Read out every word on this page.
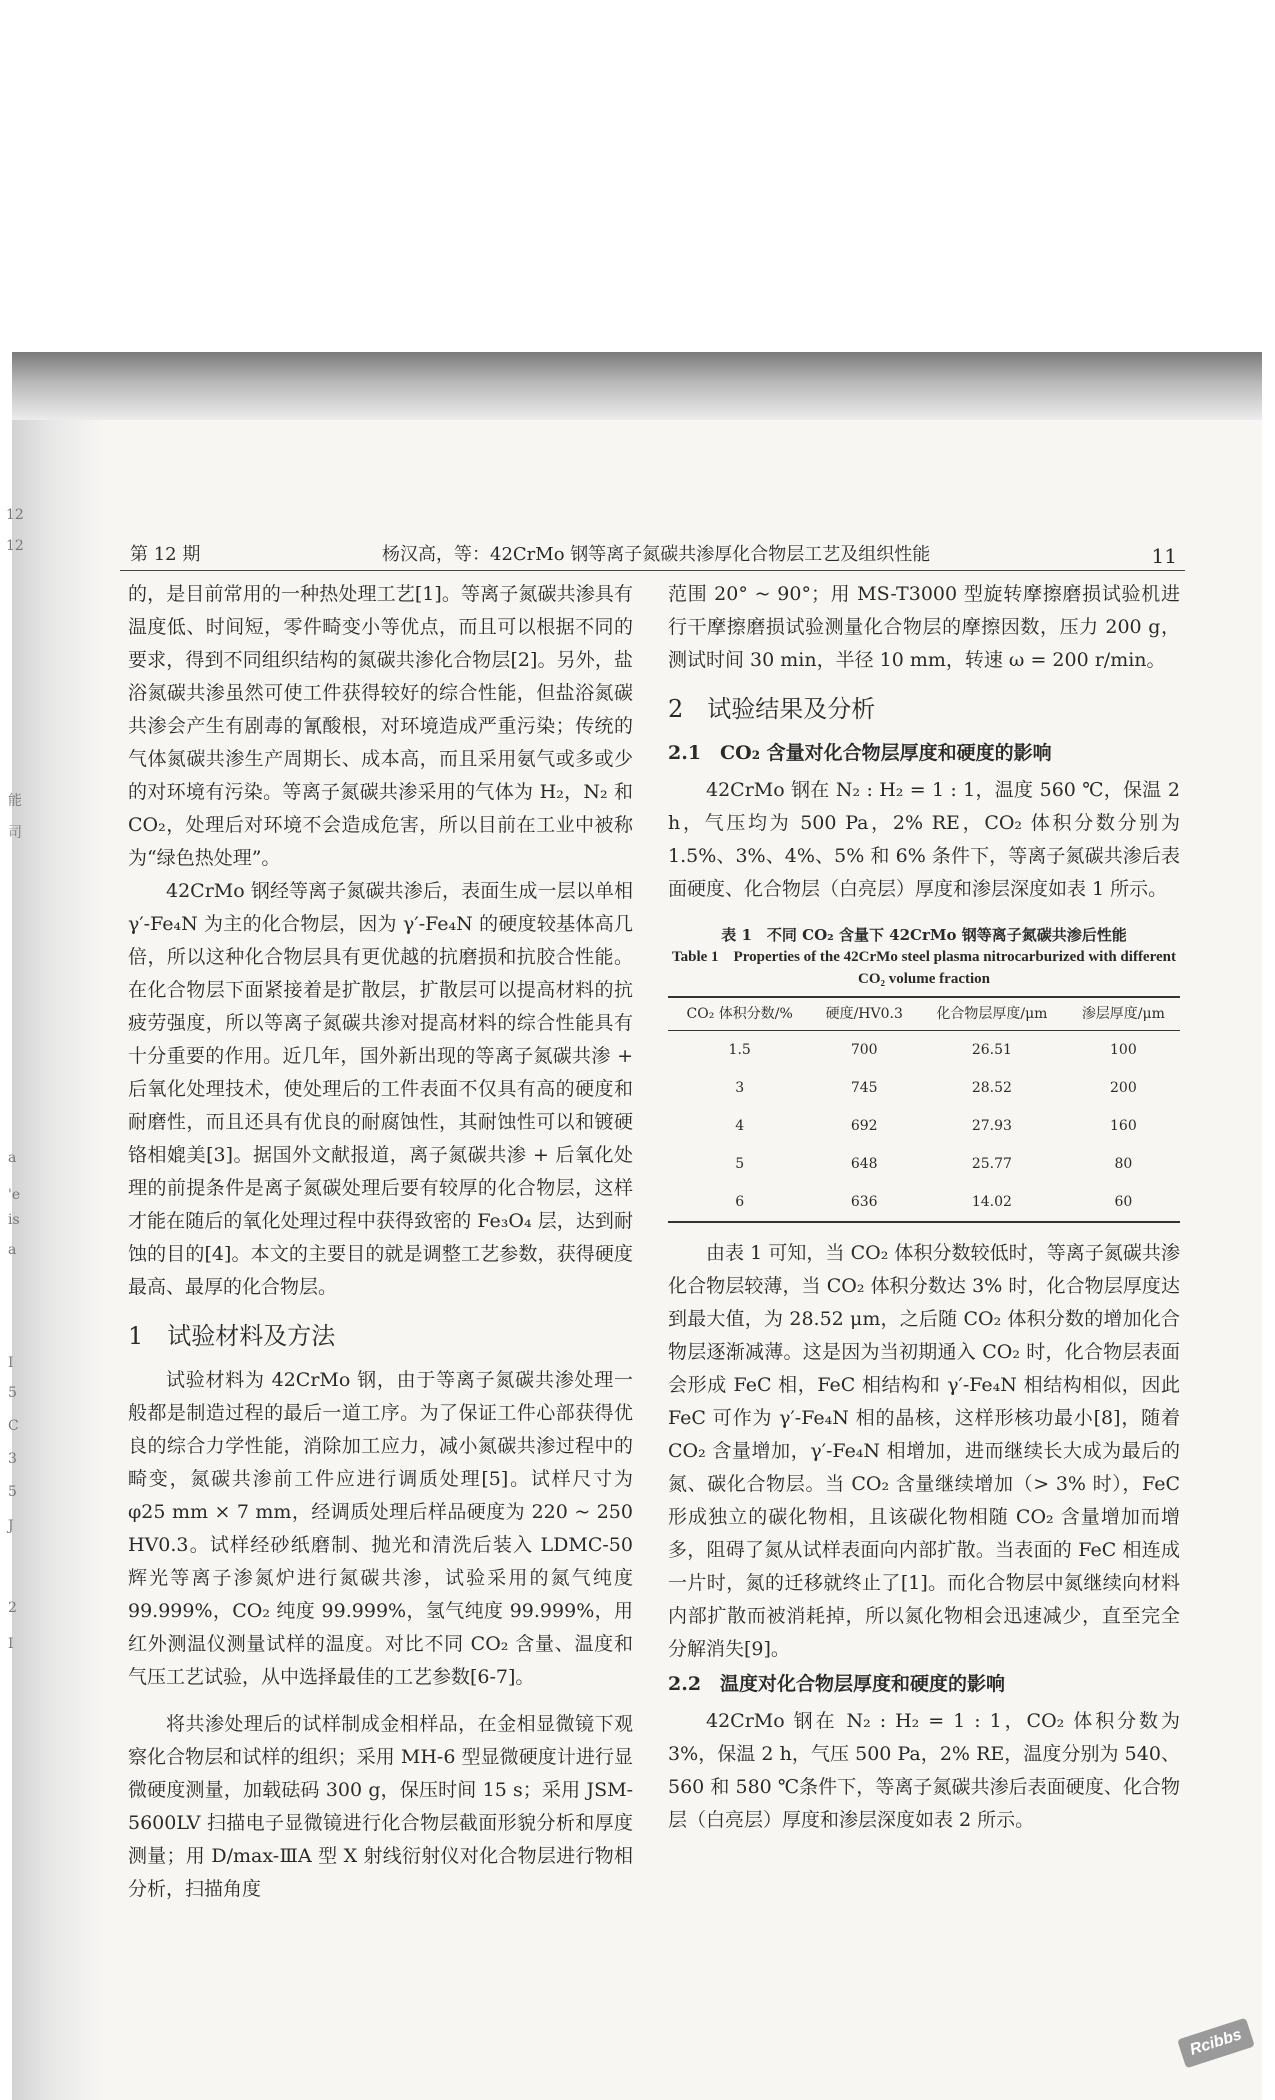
12
12
能
司
a
'e
is
a
I
5
C
3
5
J
2
I
第 12 期	杨汉高，等：42CrMo 钢等离子氮碳共渗厚化合物层工艺及组织性能	11

的，是目前常用的一种热处理工艺[1]。等离子氮碳共渗具有温度低、时间短，零件畸变小等优点，而且可以根据不同的要求，得到不同组织结构的氮碳共渗化合物层[2]。另外，盐浴氮碳共渗虽然可使工件获得较好的综合性能，但盐浴氮碳共渗会产生有剧毒的氰酸根，对环境造成严重污染；传统的气体氮碳共渗生产周期长、成本高，而且采用氨气或多或少的对环境有污染。等离子氮碳共渗采用的气体为 H₂，N₂ 和 CO₂，处理后对环境不会造成危害，所以目前在工业中被称为“绿色热处理”。

42CrMo 钢经等离子氮碳共渗后，表面生成一层以单相 γ′-Fe₄N 为主的化合物层，因为 γ′-Fe₄N 的硬度较基体高几倍，所以这种化合物层具有更优越的抗磨损和抗胶合性能。在化合物层下面紧接着是扩散层，扩散层可以提高材料的抗疲劳强度，所以等离子氮碳共渗对提高材料的综合性能具有十分重要的作用。近几年，国外新出现的等离子氮碳共渗 + 后氧化处理技术，使处理后的工件表面不仅具有高的硬度和耐磨性，而且还具有优良的耐腐蚀性，其耐蚀性可以和镀硬铬相媲美[3]。据国外文献报道，离子氮碳共渗 + 后氧化处理的前提条件是离子氮碳处理后要有较厚的化合物层，这样才能在随后的氧化处理过程中获得致密的 Fe₃O₄ 层，达到耐蚀的目的[4]。本文的主要目的就是调整工艺参数，获得硬度最高、最厚的化合物层。

1　试验材料及方法

试验材料为 42CrMo 钢，由于等离子氮碳共渗处理一般都是制造过程的最后一道工序。为了保证工件心部获得优良的综合力学性能，消除加工应力，减小氮碳共渗过程中的畸变，氮碳共渗前工件应进行调质处理[5]。试样尺寸为 φ25 mm × 7 mm，经调质处理后样品硬度为 220 ~ 250 HV0.3。试样经砂纸磨制、抛光和清洗后装入 LDMC-50 辉光等离子渗氮炉进行氮碳共渗，试验采用的氮气纯度 99.999%，CO₂ 纯度 99.999%，氢气纯度 99.999%，用红外测温仪测量试样的温度。对比不同 CO₂ 含量、温度和气压工艺试验，从中选择最佳的工艺参数[6-7]。

将共渗处理后的试样制成金相样品，在金相显微镜下观察化合物层和试样的组织；采用 MH-6 型显微硬度计进行显微硬度测量，加载砝码 300 g，保压时间 15 s；采用 JSM-5600LV 扫描电子显微镜进行化合物层截面形貌分析和厚度测量；用 D/max-ⅢA 型 X 射线衍射仪对化合物层进行物相分析，扫描角度

范围 20° ~ 90°；用 MS-T3000 型旋转摩擦磨损试验机进行干摩擦磨损试验测量化合物层的摩擦因数，压力 200 g，测试时间 30 min，半径 10 mm，转速 ω = 200 r/min。

2　试验结果及分析
2.1　CO₂ 含量对化合物层厚度和硬度的影响

42CrMo 钢在 N₂ : H₂ = 1 : 1，温度 560 ℃，保温 2 h，气压均为 500 Pa，2% RE，CO₂ 体积分数分别为 1.5%、3%、4%、5% 和 6% 条件下，等离子氮碳共渗后表面硬度、化合物层（白亮层）厚度和渗层深度如表 1 所示。

表 1　不同 CO₂ 含量下 42CrMo 钢等离子氮碳共渗后性能
Table 1　Properties of the 42CrMo steel plasma nitrocarburized with different CO₂ volume fraction
CO₂ 体积分数/%	硬度/HV0.3	化合物层厚度/μm	渗层厚度/μm
1.5	700	26.51	100
3	745	28.52	200
4	692	27.93	160
5	648	25.77	80
6	636	14.02	60

由表 1 可知，当 CO₂ 体积分数较低时，等离子氮碳共渗化合物层较薄，当 CO₂ 体积分数达 3% 时，化合物层厚度达到最大值，为 28.52 μm，之后随 CO₂ 体积分数的增加化合物层逐渐减薄。这是因为当初期通入 CO₂ 时，化合物层表面会形成 FeC 相，FeC 相结构和 γ′-Fe₄N 相结构相似，因此 FeC 可作为 γ′-Fe₄N 相的晶核，这样形核功最小[8]，随着 CO₂ 含量增加，γ′-Fe₄N 相增加，进而继续长大成为最后的氮、碳化合物层。当 CO₂ 含量继续增加（> 3% 时），FeC 形成独立的碳化物相，且该碳化物相随 CO₂ 含量增加而增多，阻碍了氮从试样表面向内部扩散。当表面的 FeC 相连成一片时，氮的迁移就终止了[1]。而化合物层中氮继续向材料内部扩散而被消耗掉，所以氮化物相会迅速减少，直至完全分解消失[9]。

2.2　温度对化合物层厚度和硬度的影响

42CrMo 钢在 N₂ : H₂ = 1 : 1，CO₂ 体积分数为 3%，保温 2 h，气压 500 Pa，2% RE，温度分别为 540、560 和 580 ℃条件下，等离子氮碳共渗后表面硬度、化合物层（白亮层）厚度和渗层深度如表 2 所示。

Rcibbs
